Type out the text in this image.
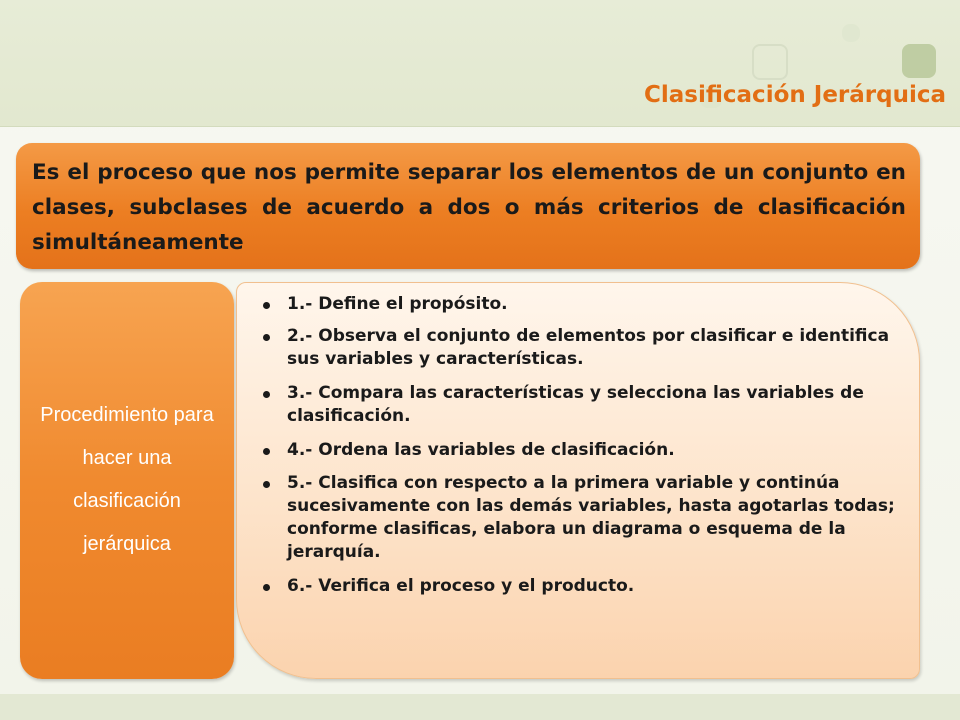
Clasificación Jerárquica
Es el proceso que nos permite separar los elementos de un conjunto en clases, subclases de acuerdo a dos o más criterios de clasificación simultáneamente
Procedimiento para hacer una clasificación jerárquica
1.- Define el propósito.
2.- Observa el conjunto de elementos por clasificar e identifica sus variables y características.
3.- Compara las características y selecciona las variables de clasificación.
4.- Ordena las variables de clasificación.
5.- Clasifica con respecto a la primera variable y continúa sucesivamente con las demás variables, hasta agotarlas todas; conforme clasificas, elabora un diagrama o esquema de la jerarquía.
6.- Verifica el proceso y el producto.
